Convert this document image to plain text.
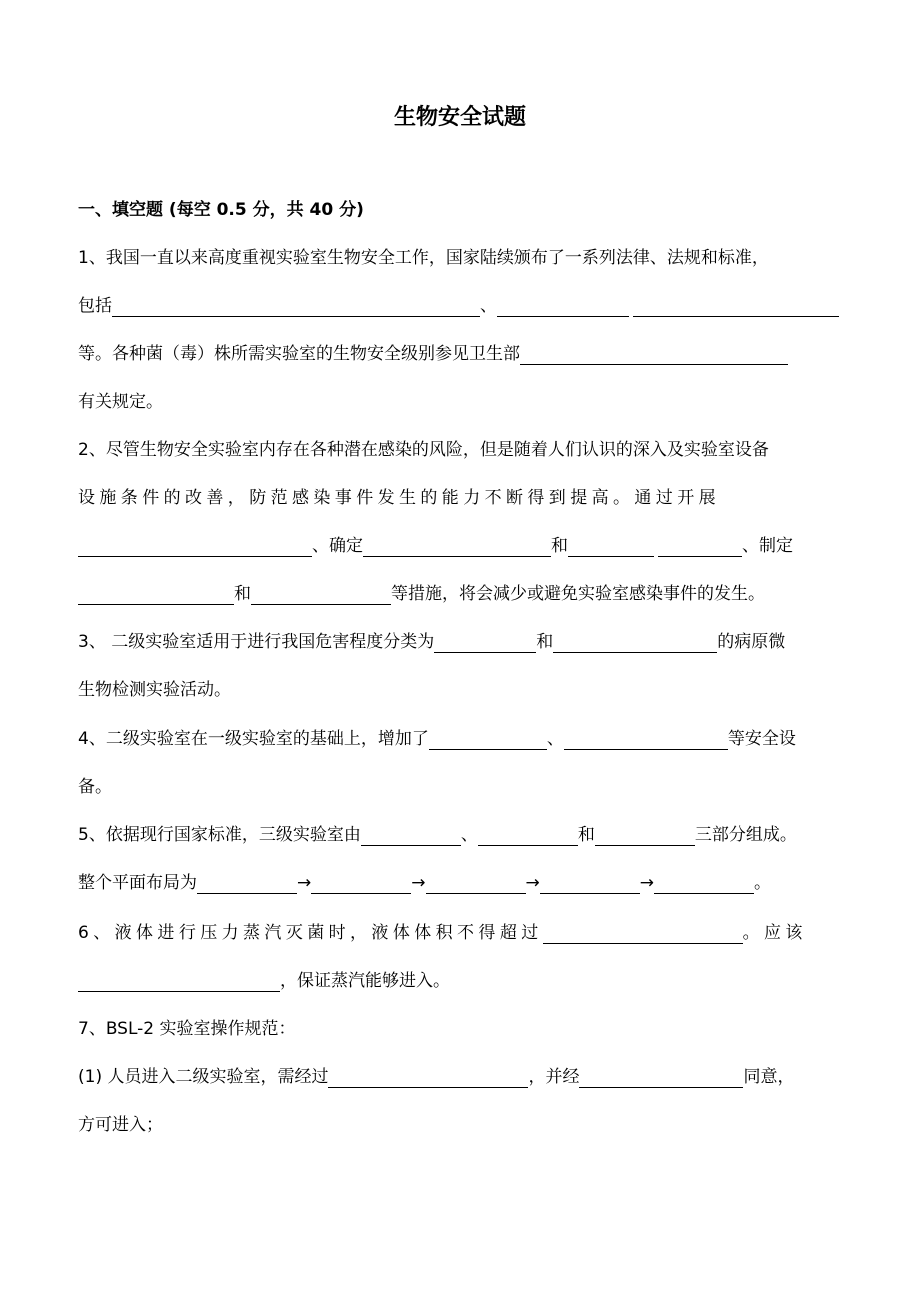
生物安全试题
一、填空题 (每空 0.5 分，共 40 分)
1、我国一直以来高度重视实验室生物安全工作，国家陆续颁布了一系列法律、法规和标准，
包括	、
等。各种菌（毒）株所需实验室的生物安全级别参见卫生部
有关规定。
2、尽管生物安全实验室内存在各种潜在感染的风险，但是随着人们认识的深入及实验室设备
设施条件的改善，防范感染事件发生的能力不断得到提高。通过开展
、确定	和	、制定
和	等措施，将会减少或避免实验室感染事件的发生。
3、 二级实验室适用于进行我国危害程度分类为	和	的病原微
生物检测实验活动。
4、二级实验室在一级实验室的基础上，增加了	、	等安全设
备。
5、依据现行国家标准，三级实验室由	、	和	三部分组成。
整个平面布局为	→	→	→	→	。
6、液体进行压力蒸汽灭菌时，液体体积不得超过	。应该
，保证蒸汽能够进入。
7、BSL-2 实验室操作规范：
(1) 人员进入二级实验室，需经过	，并经	同意，
方可进入；
